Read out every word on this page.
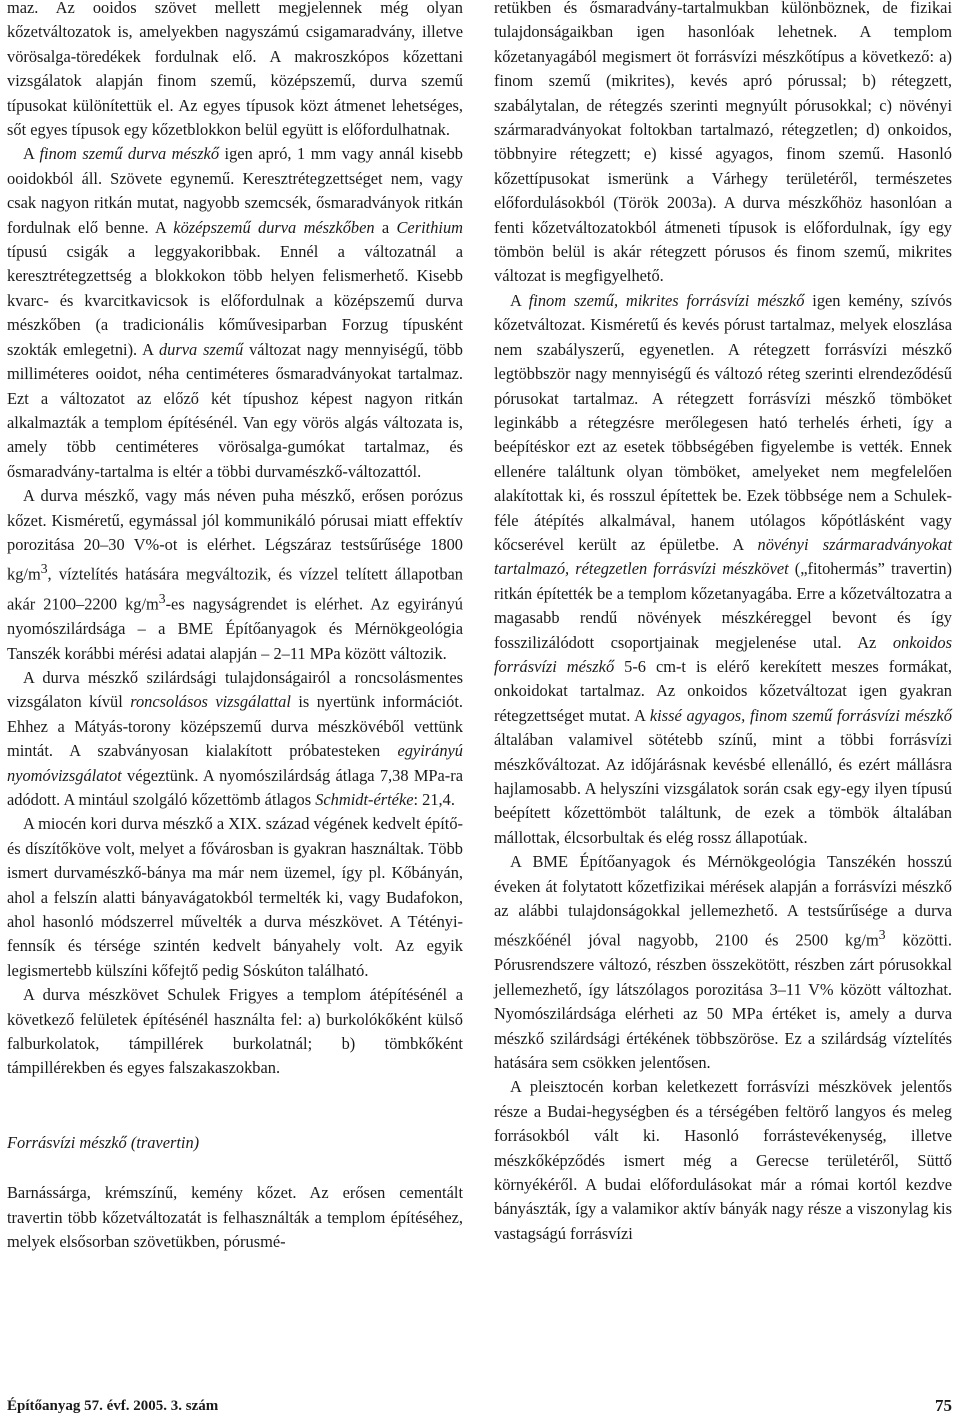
maz. Az ooidos szövet mellett megjelennek még olyan kőzetváltozatok is, amelyekben nagyszámú csigamaradvány, illetve vörösalga-töredékek fordulnak elő. A makroszkópos kőzettani vizsgálatok alapján finom szemű, középszemű, durva szemű típusokat különítettük el. Az egyes típusok közt átmenet lehetséges, sőt egyes típusok egy kőzetblokkon belül együtt is előfordulhatnak.

A finom szemű durva mészkő igen apró, 1 mm vagy annál kisebb ooidokból áll. Szövete egynemű. Keresztrétegzettséget nem, vagy csak nagyon ritkán mutat, nagyobb szemcsék, ősmaradványok ritkán fordulnak elő benne. A középszemű durva mészkőben a Cerithium típusú csigák a leggyakoribbak. Ennél a változatnál a keresztrétegzettség a blokkokon több helyen felismerhető. Kisebb kvarc- és kvarcitkavicsok is előfordulnak a középszemű durva mészkőben (a tradicionális kőművesiparban Forzug típusként szokták emlegetni). A durva szemű változat nagy mennyiségű, több milliméteres ooidot, néha centiméteres ősmaradványokat tartalmaz. Ezt a változatot az előző két típushoz képest nagyon ritkán alkalmazták a templom építésénél. Van egy vörös algás változata is, amely több centiméteres vörösalga-gumókat tartalmaz, és ősmaradvány-tartalma is eltér a többi durvamészkő-változattól.

A durva mészkő, vagy más néven puha mészkő, erősen porózus kőzet. Kisméretű, egymással jól kommunikáló pórusai miatt effektív porozitása 20–30 V%-ot is elérhet. Légszáraz testsűrűsége 1800 $kg/m^3$, víztelítés hatására megváltozik, és vízzel telített állapotban akár 2100–2200 $kg/m^3-es$ nagyságrendet is elérhet. Az egyirányú nyomószilárdsága – a BME Építőanyagok és Mérnökgeológia Tanszék korábbi mérési adatai alapján – 2–11 MPa között változik.

A durva mészkő szilárdsági tulajdonságairól a roncsolásmentes vizsgálaton kívül roncsolásos vizsgálattal is nyertünk információt. Ehhez a Mátyás-torony középszemű durva mészkövéből vettünk mintát. A szabványosan kialakított próbatesteken egyirányú nyomóvizsgálatot végeztünk. A nyomószilárdság átlaga 7,38 MPa-ra adódott. A mintául szolgáló kőzettömb átlagos Schmidt-értéke: 21,4.

A miocén kori durva mészkő a XIX. század végének kedvelt építő- és díszítőköve volt, melyet a fővárosban is gyakran használtak. Több ismert durvamészkő-bánya ma már nem üzemel, így pl. Kőbányán, ahol a felszín alatti bányavágatokból termelték ki, vagy Budafokon, ahol hasonló módszerrel művelték a durva mészkövet. A Tétényi-fennsík és térsége szintén kedvelt bányahely volt. Az egyik legismertebb külszíni kőfejtő pedig Sóskúton található.

A durva mészkövet Schulek Frigyes a templom átépítésénél a következő felületek építésénél használta fel: a) burkolókőként külső falburkolatok, támpillérek burkolatnál; b) tömbkőként támpillérekben és egyes falszakaszokban.

Forrásvízi mészkő (travertin)

Barnássárga, krémszínű, kemény kőzet. Az erősen cementált travertin több kőzetváltozatát is felhasználták a templom építéséhez, melyek elsősorban szövetükben, pórusmé-

retükben és ősmaradvány-tartalmukban különböznek, de fizikai tulajdonságaikban igen hasonlóak lehetnek. A templom kőzetanyagából megismert öt forrásvízi mészkőtípus a következő: a) finom szemű (mikrites), kevés apró pórussal; b) rétegzett, szabálytalan, de rétegzés szerinti megnyúlt pórusokkal; c) növényi szármaradványokat foltokban tartalmazó, rétegzetlen; d) onkoidos, többnyire rétegzett; e) kissé agyagos, finom szemű. Hasonló kőzettípusokat ismerünk a Várhegy területéről, természetes előfordulásokból (Török 2003a). A durva mészkőhöz hasonlóan a fenti kőzetváltozatokból átmeneti típusok is előfordulnak, így egy tömbön belül is akár rétegzett pórusos és finom szemű, mikrites változat is megfigyelhető.

A finom szemű, mikrites forrásvízi mészkő igen kemény, szívós kőzetváltozat. Kisméretű és kevés pórust tartalmaz, melyek eloszlása nem szabályszerű, egyenetlen. A rétegzett forrásvízi mészkő legtöbbször nagy mennyiségű és változó réteg szerinti elrendeződésű pórusokat tartalmaz. A rétegzett forrásvízi mészkő tömböket leginkább a rétegzésre merőlegesen ható terhelés érheti, így a beépítéskor ezt az esetek többségében figyelembe is vették. Ennek ellenére találtunk olyan tömböket, amelyeket nem megfelelően alakítottak ki, és rosszul építettek be. Ezek többsége nem a Schulek-féle átépítés alkalmával, hanem utólagos kőpótlásként vagy kőcserével került az épületbe. A növényi szármaradványokat tartalmazó, rétegzetlen forrásvízi mészkövet („fitohermás” travertin) ritkán építették be a templom kőzetanyagába. Erre a kőzetváltozatra a magasabb rendű növények mészkéreggel bevont és így fosszilizálódott csoportjainak megjelenése utal. Az onkoidos forrásvízi mészkő 5-6 cm-t is elérő kerekített meszes formákat, onkoidokat tartalmaz. Az onkoidos kőzetváltozat igen gyakran rétegzettséget mutat. A kissé agyagos, finom szemű forrásvízi mészkő általában valamivel sötétebb színű, mint a többi forrásvízi mészkőváltozat. Az időjárásnak kevésbé ellenálló, és ezért mállásra hajlamosabb. A helyszíni vizsgálatok során csak egy-egy ilyen típusú beépített kőzettömböt találtunk, de ezek a tömbök általában mállottak, élcsorbultak és elég rossz állapotúak.

A BME Építőanyagok és Mérnökgeológia Tanszékén hosszú éveken át folytatott kőzetfizikai mérések alapján a forrásvízi mészkő az alábbi tulajdonságokkal jellemezhető. A testsűrűsége a durva mészkőénél jóval nagyobb, 2100 és 2500 $kg/m^3$ közötti. Pórusrendszere változó, részben összekötött, részben zárt pórusokkal jellemezhető, így látszólagos porozitása 3–11 V% között változhat. Nyomószilárdsága elérheti az 50 MPa értéket is, amely a durva mészkő szilárdsági értékének többszöröse. Ez a szilárdság víztelítés hatására sem csökken jelentősen.

A pleisztocén korban keletkezett forrásvízi mészkövek jelentős része a Budai-hegységben és a térségében feltörő langyos és meleg forrásokból vált ki. Hasonló forrástevékenység, illetve mészkőképződés ismert még a Gerecse területéről, Süttő környékéről. A budai előfordulásokat már a római kortól kezdve bányászták, így a valamikor aktív bányák nagy része a viszonylag kis vastagságú forrásvízi

Építőanyag 57. évf. 2005. 3. szám	75
